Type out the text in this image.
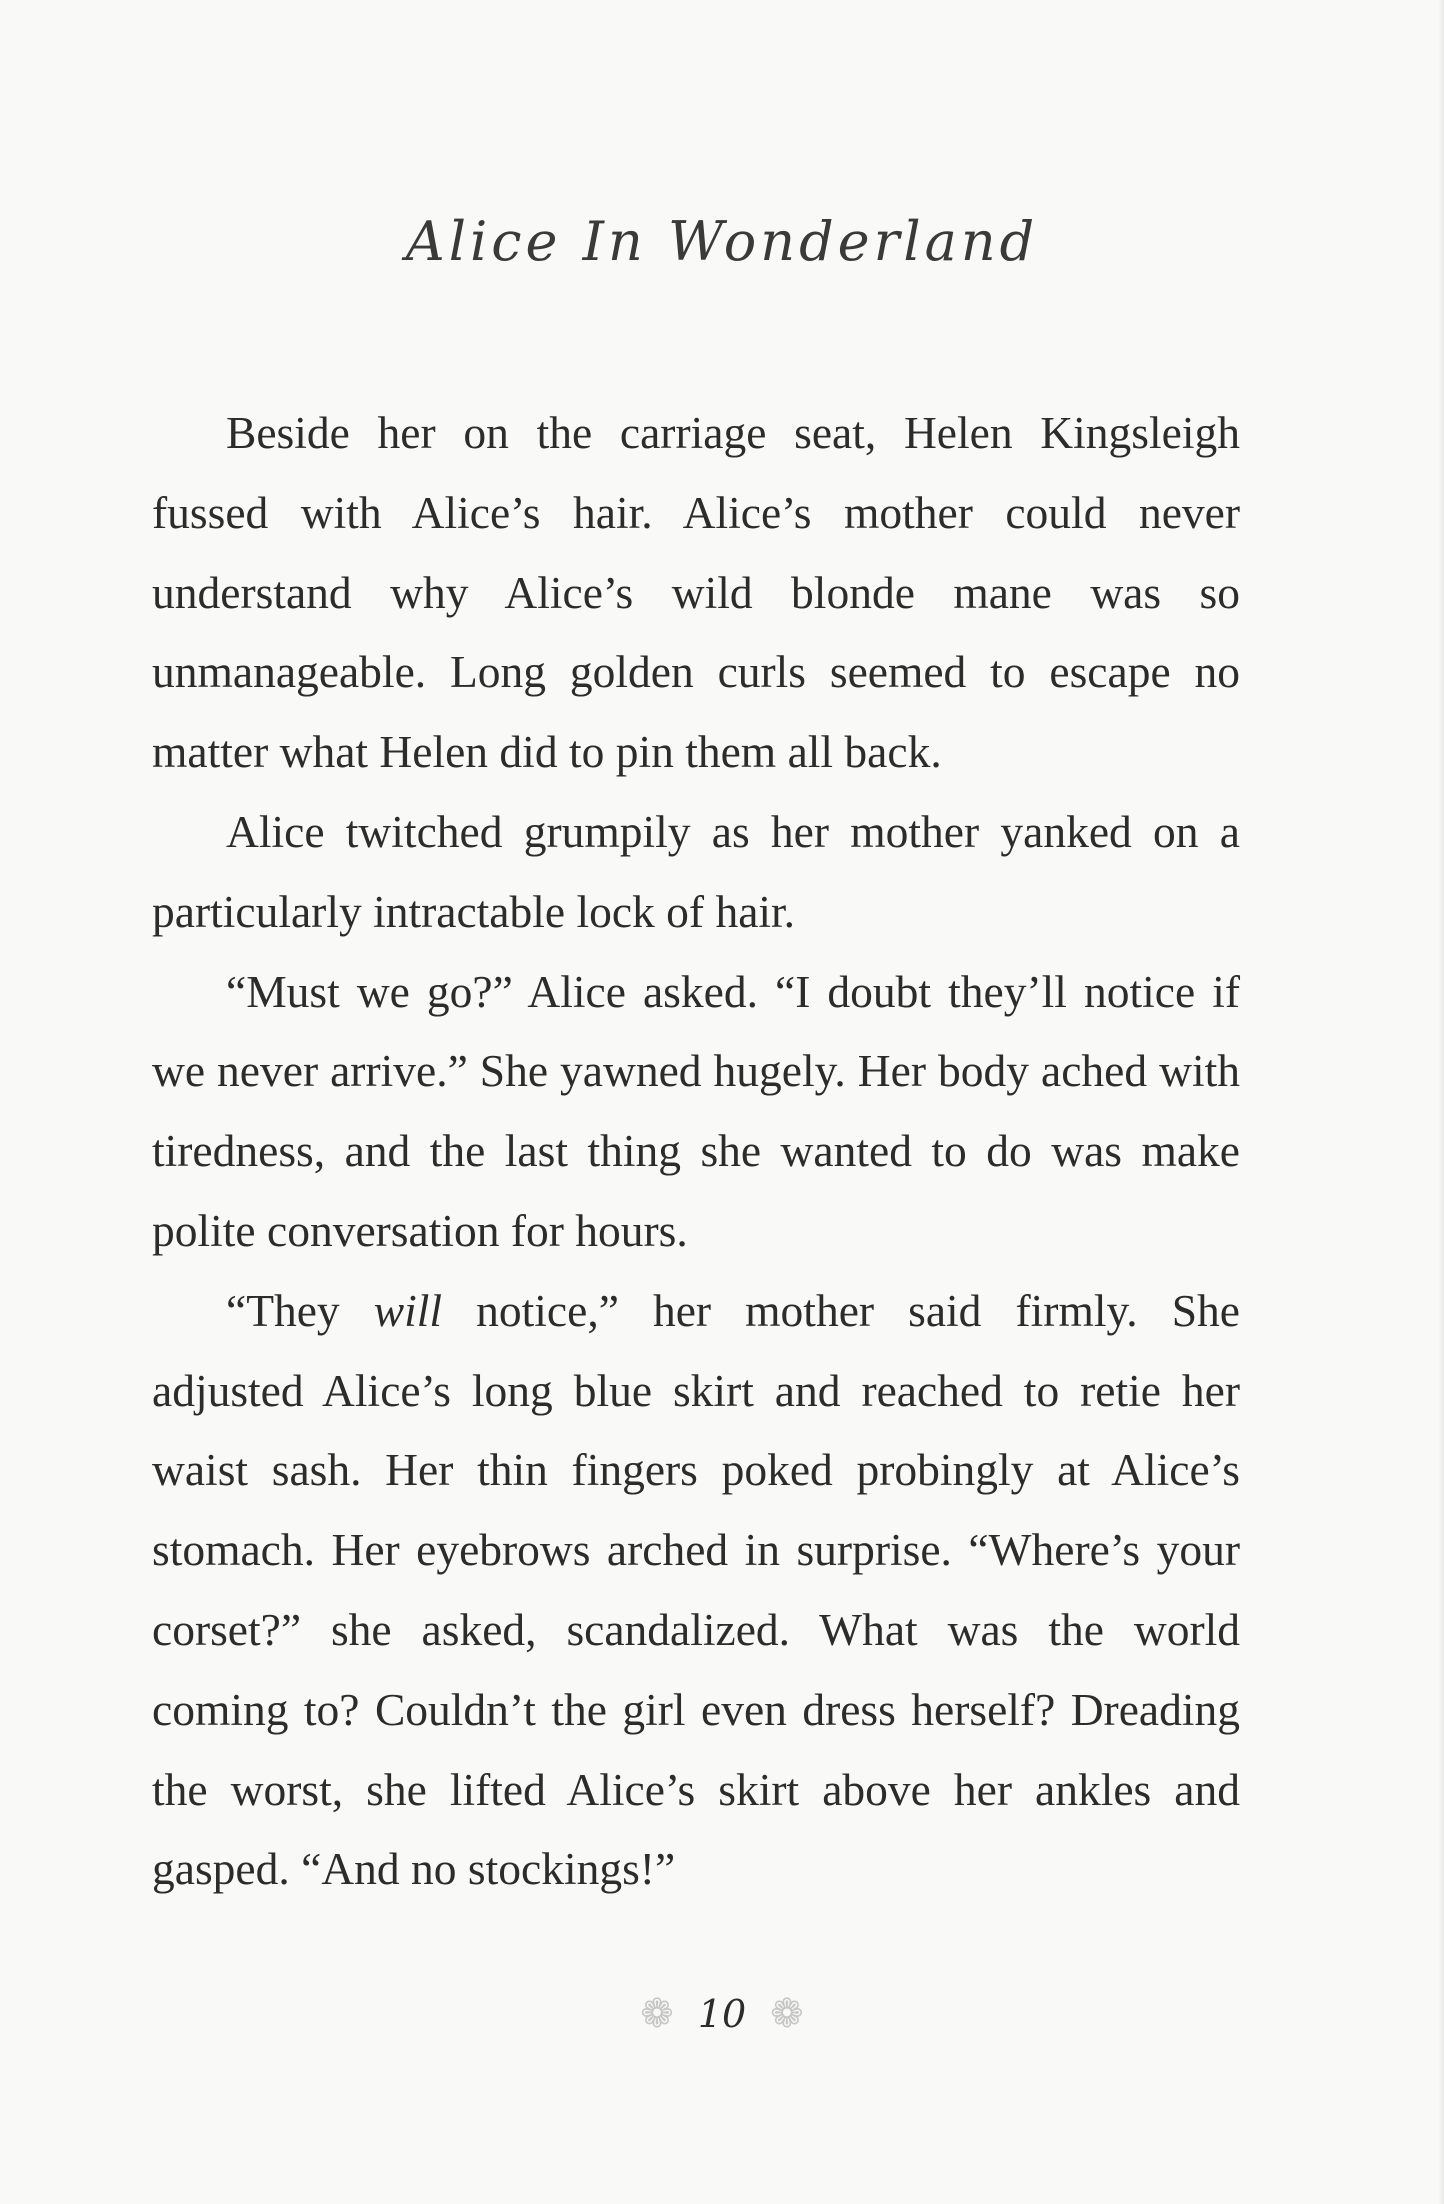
Alice In Wonderland

Beside her on the carriage seat, Helen Kingsleigh fussed with Alice’s hair. Alice’s mother could never understand why Alice’s wild blonde mane was so unmanageable. Long golden curls seemed to escape no matter what Helen did to pin them all back.

Alice twitched grumpily as her mother yanked on a particularly intractable lock of hair.

“Must we go?” Alice asked. “I doubt they’ll notice if we never arrive.” She yawned hugely. Her body ached with tiredness, and the last thing she wanted to do was make polite conversation for hours.

“They will notice,” her mother said firmly. She adjusted Alice’s long blue skirt and reached to retie her waist sash. Her thin fingers poked probingly at Alice’s stomach. Her eyebrows arched in surprise. “Where’s your corset?” she asked, scandalized. What was the world coming to? Couldn’t the girl even dress herself? Dreading the worst, she lifted Alice’s skirt above her ankles and gasped. “And no stockings!”

❁ 10 ❁
